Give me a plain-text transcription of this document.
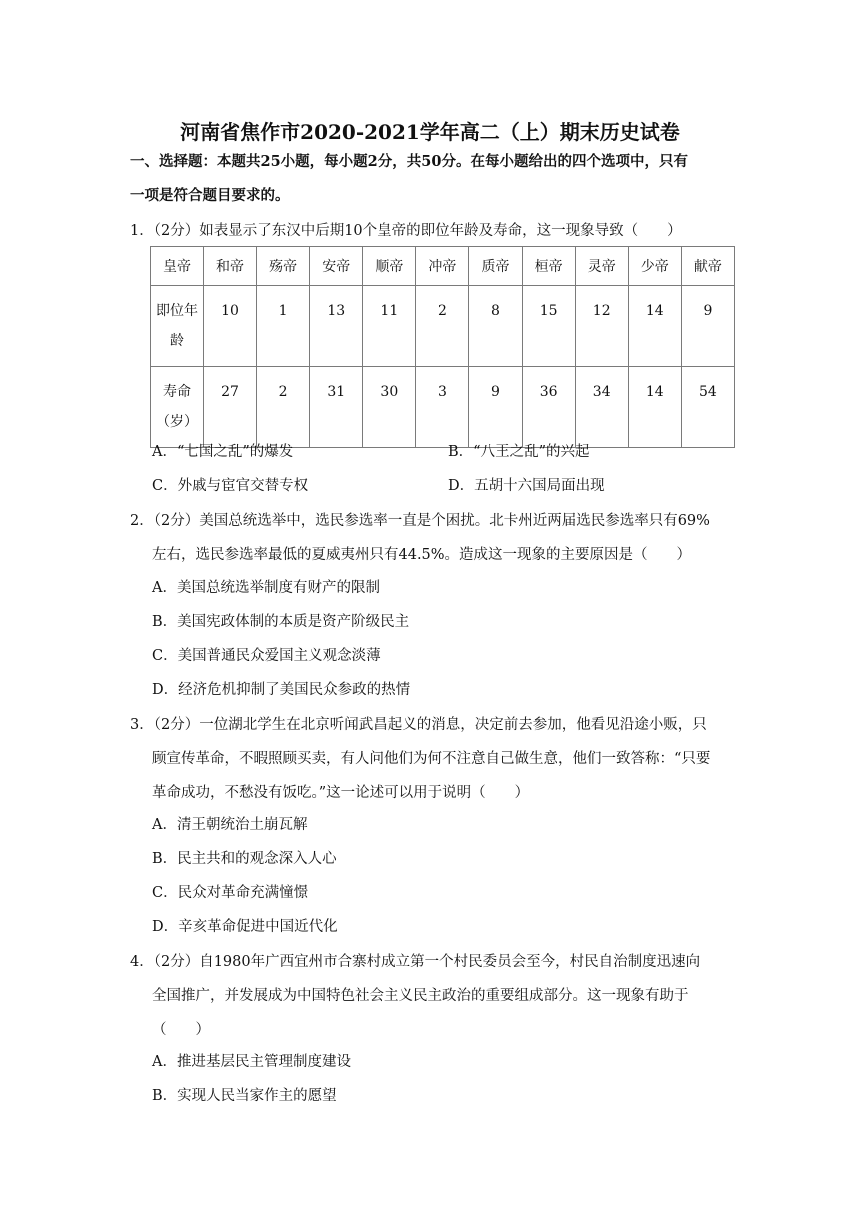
河南省焦作市2020-2021学年高二（上）期末历史试卷
一、选择题：本题共25小题，每小题2分，共50分。在每小题给出的四个选项中，只有
一项是符合题目要求的。
1．（2分）如表显示了东汉中后期10个皇帝的即位年龄及寿命，这一现象导致（　　）
皇帝	和帝	殇帝	安帝	顺帝	冲帝	质帝	桓帝	灵帝	少帝	献帝
即位年龄	10	1	13	11	2	8	15	12	14	9
寿命（岁）	27	2	31	30	3	9	36	34	14	54
A．“七国之乱”的爆发	B．“八王之乱”的兴起
C．外戚与宦官交替专权	D．五胡十六国局面出现
2．（2分）美国总统选举中，选民参选率一直是个困扰。北卡州近两届选民参选率只有69%
左右，选民参选率最低的夏威夷州只有44.5%。造成这一现象的主要原因是（　　）
A．美国总统选举制度有财产的限制
B．美国宪政体制的本质是资产阶级民主
C．美国普通民众爱国主义观念淡薄
D．经济危机抑制了美国民众参政的热情
3．（2分）一位湖北学生在北京听闻武昌起义的消息，决定前去参加，他看见沿途小贩，只
顾宣传革命，不暇照顾买卖，有人问他们为何不注意自己做生意，他们一致答称：“只要
革命成功，不愁没有饭吃。”这一论述可以用于说明（　　）
A．清王朝统治土崩瓦解
B．民主共和的观念深入人心
C．民众对革命充满憧憬
D．辛亥革命促进中国近代化
4．（2分）自1980年广西宜州市合寨村成立第一个村民委员会至今，村民自治制度迅速向
全国推广，并发展成为中国特色社会主义民主政治的重要组成部分。这一现象有助于
（　　）
A．推进基层民主管理制度建设
B．实现人民当家作主的愿望
